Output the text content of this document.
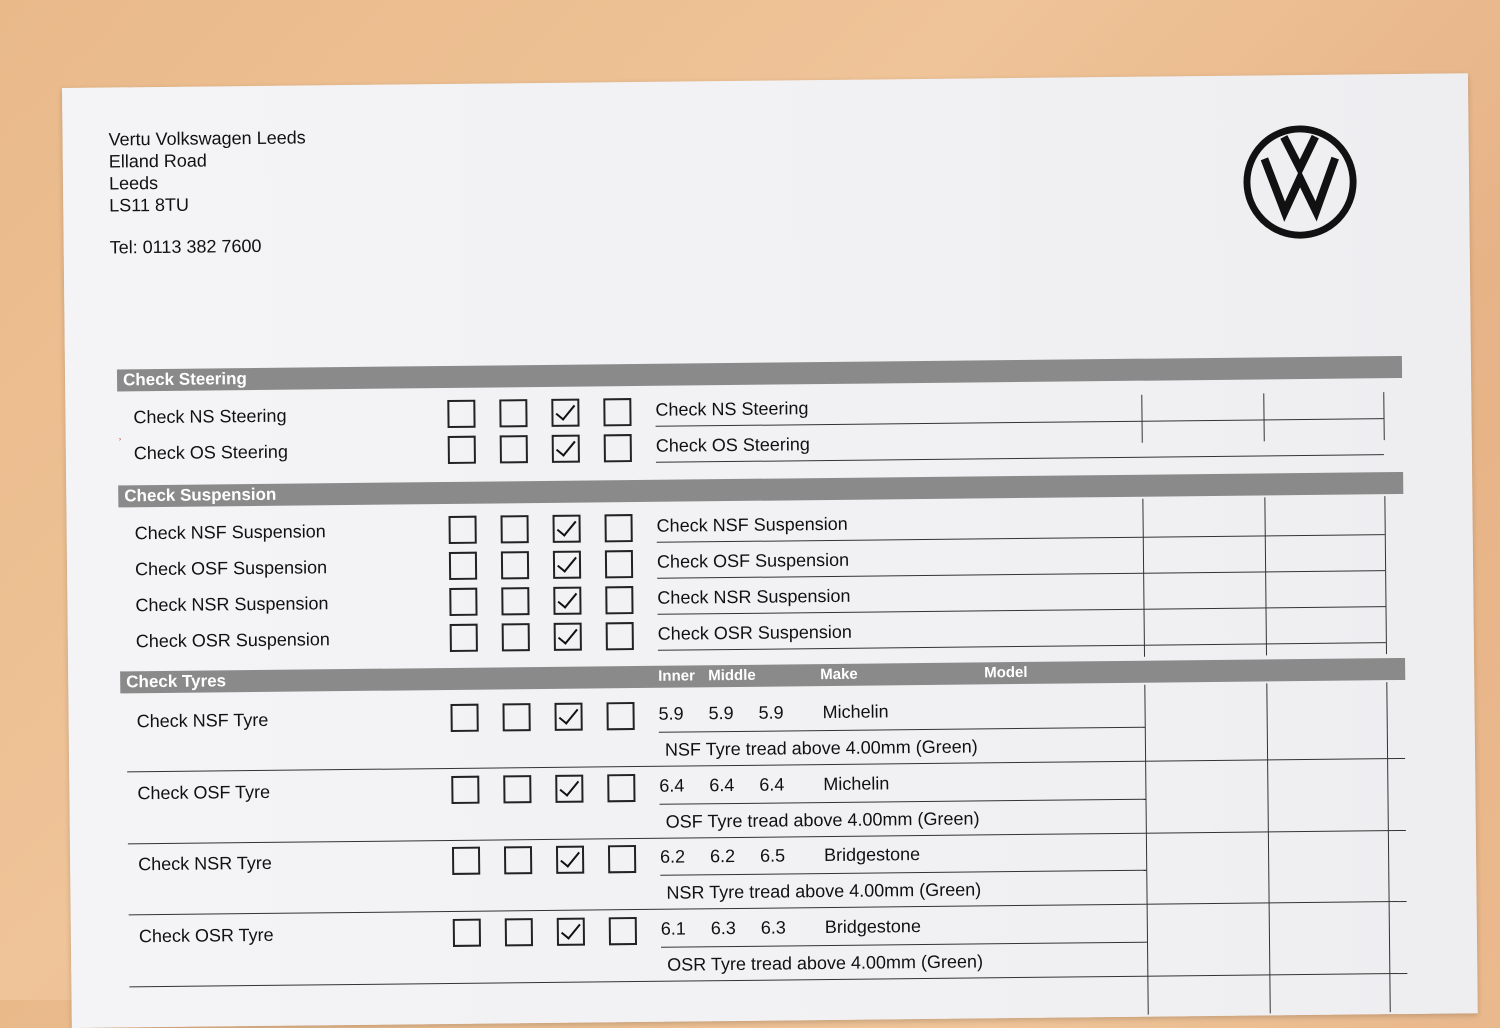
Vertu Volkswagen Leeds
Elland Road
Leeds
LS11 8TU
Tel: 0113 382 7600
ʾ
Check Steering
Check Suspension
Check Tyres	Inner Middle	Make	Model
Check NS Steering	Check NS Steering
Check OS Steering	Check OS Steering
Check NSF Suspension	Check NSF Suspension
Check OSF Suspension	Check OSF Suspension
Check NSR Suspension	Check NSR Suspension
Check OSR Suspension	Check OSR Suspension
Check NSF Tyre	5.9 5.9 5.9 Michelin
NSF Tyre tread above 4.00mm (Green)
Check OSF Tyre	6.4 6.4 6.4 Michelin
OSF Tyre tread above 4.00mm (Green)
Check NSR Tyre	6.2 6.2 6.5 Bridgestone
NSR Tyre tread above 4.00mm (Green)
Check OSR Tyre	6.1 6.3 6.3 Bridgestone
OSR Tyre tread above 4.00mm (Green)
